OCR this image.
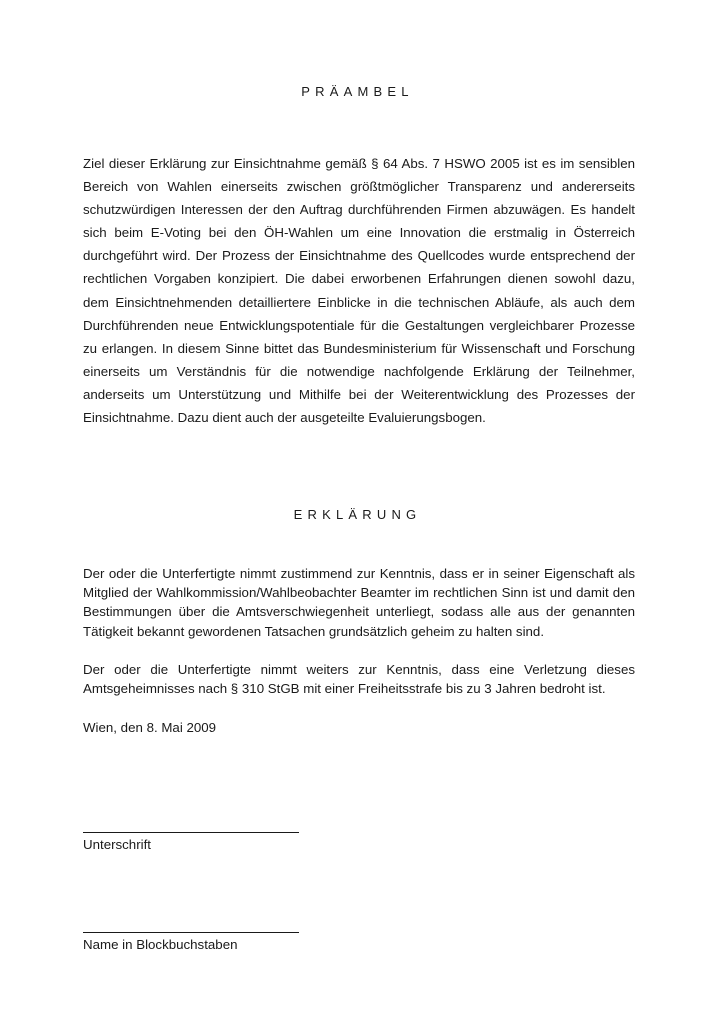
PRÄAMBEL
Ziel dieser Erklärung zur Einsichtnahme gemäß § 64 Abs. 7 HSWO 2005 ist es im sensiblen Bereich von Wahlen einerseits zwischen größtmöglicher Transparenz und andererseits schutzwürdigen Interessen der den Auftrag durchführenden Firmen abzuwägen. Es handelt sich beim E-Voting bei den ÖH-Wahlen um eine Innovation die erstmalig in Österreich durchgeführt wird. Der Prozess der Einsichtnahme des Quellcodes wurde entsprechend der rechtlichen Vorgaben konzipiert. Die dabei erworbenen Erfahrungen dienen sowohl dazu, dem Einsichtnehmenden detailliertere Einblicke in die technischen Abläufe, als auch dem Durchführenden neue Entwicklungspotentiale für die Gestaltungen vergleichbarer Prozesse zu erlangen. In diesem Sinne bittet das Bundesministerium für Wissenschaft und Forschung einerseits um Verständnis für die notwendige nachfolgende Erklärung der Teilnehmer, anderseits um Unterstützung und Mithilfe bei der Weiterentwicklung des Prozesses der Einsichtnahme. Dazu dient auch der ausgeteilte Evaluierungsbogen.
ERKLÄRUNG
Der oder die Unterfertigte nimmt zustimmend zur Kenntnis, dass er in seiner Eigenschaft als Mitglied der Wahlkommission/Wahlbeobachter Beamter im rechtlichen Sinn ist und damit den Bestimmungen über die Amtsverschwiegenheit unterliegt, sodass alle aus der genannten Tätigkeit bekannt gewordenen Tatsachen grundsätzlich geheim zu halten sind.
Der oder die Unterfertigte nimmt weiters zur Kenntnis, dass eine Verletzung dieses Amtsgeheimnisses nach § 310 StGB mit einer Freiheitsstrafe bis zu 3 Jahren bedroht ist.
Wien, den 8. Mai 2009
Unterschrift
Name in Blockbuchstaben
